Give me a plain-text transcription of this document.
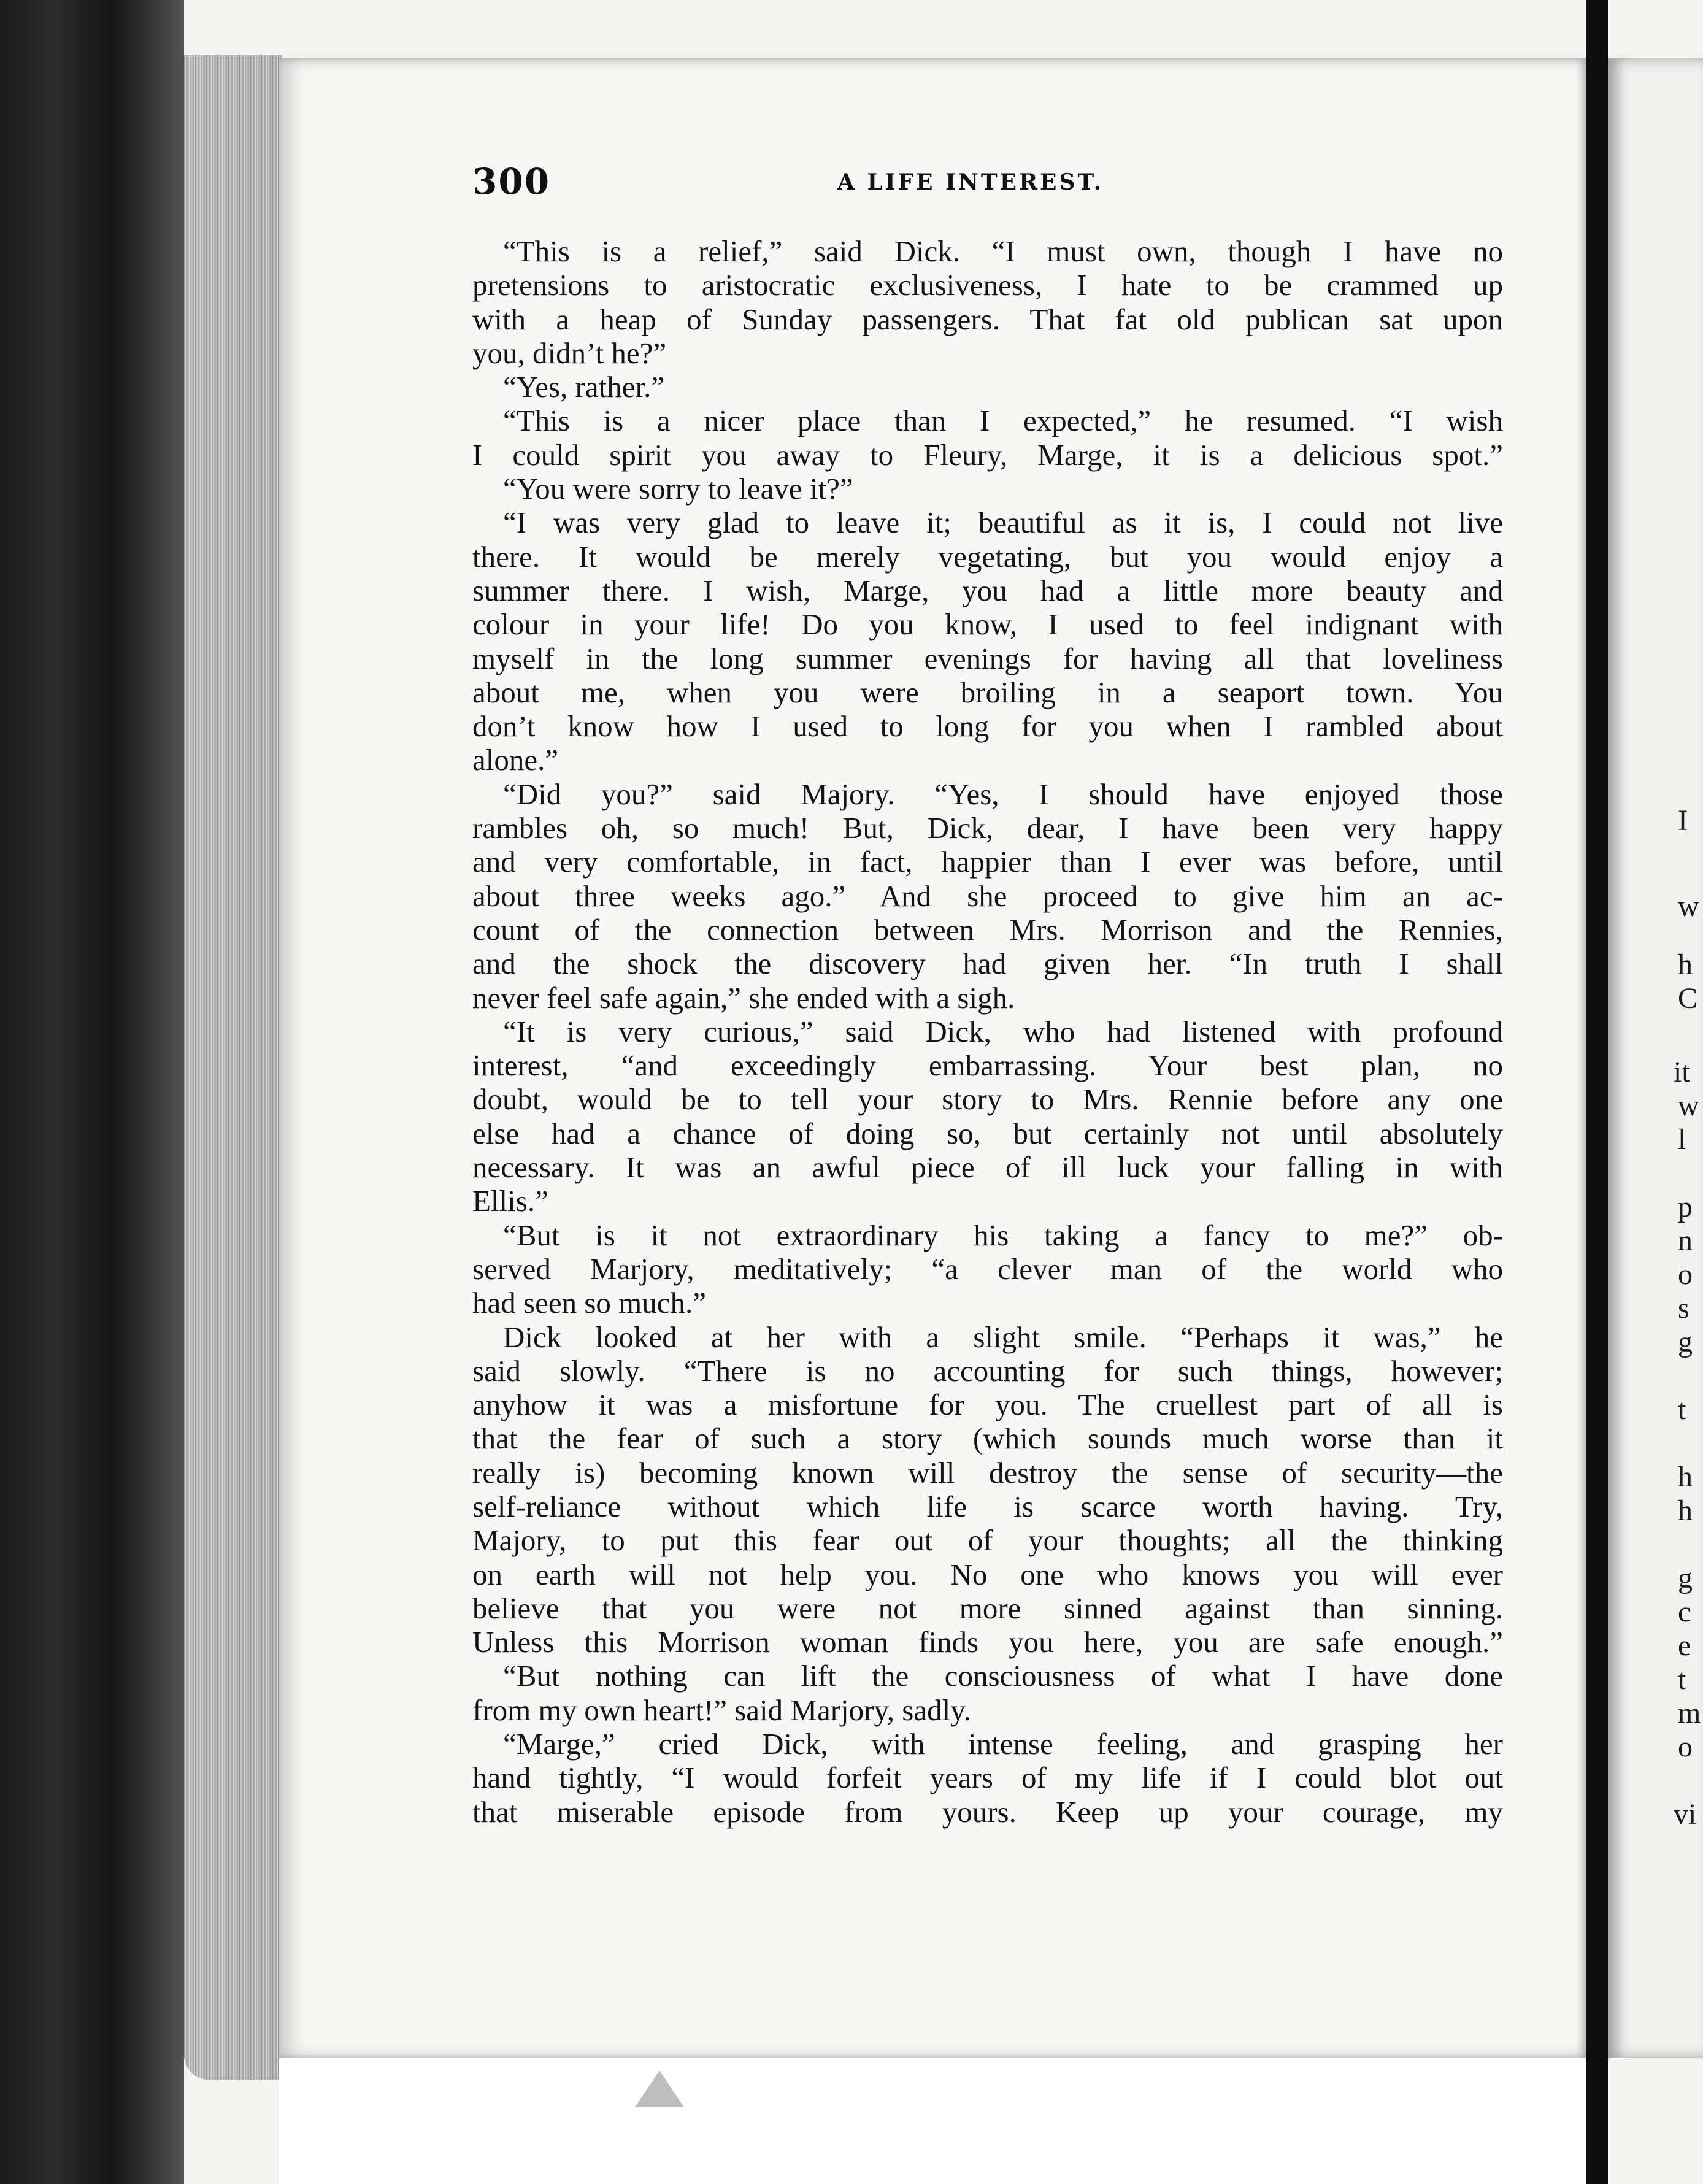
300	A LIFE INTEREST.
“This is a relief,” said Dick. “I must own, though I have no
pretensions to aristocratic exclusiveness, I hate to be crammed up
with a heap of Sunday passengers. That fat old publican sat upon
you, didn’t he?”
“Yes, rather.”
“This is a nicer place than I expected,” he resumed. “I wish
I could spirit you away to Fleury, Marge, it is a delicious spot.”
“You were sorry to leave it?”
“I was very glad to leave it; beautiful as it is, I could not live
there. It would be merely vegetating, but you would enjoy a
summer there. I wish, Marge, you had a little more beauty and
colour in your life! Do you know, I used to feel indignant with
myself in the long summer evenings for having all that loveliness
about me, when you were broiling in a seaport town. You
don’t know how I used to long for you when I rambled about
alone.”
“Did you?” said Majory. “Yes, I should have enjoyed those
rambles oh, so much! But, Dick, dear, I have been very happy
and very comfortable, in fact, happier than I ever was before, until
about three weeks ago.” And she proceed to give him an ac-
count of the connection between Mrs. Morrison and the Rennies,
and the shock the discovery had given her. “In truth I shall
never feel safe again,” she ended with a sigh.
“It is very curious,” said Dick, who had listened with profound
interest, “and exceedingly embarrassing. Your best plan, no
doubt, would be to tell your story to Mrs. Rennie before any one
else had a chance of doing so, but certainly not until absolutely
necessary. It was an awful piece of ill luck your falling in with
Ellis.”
“But is it not extraordinary his taking a fancy to me?” ob-
served Marjory, meditatively; “a clever man of the world who
had seen so much.”
Dick looked at her with a slight smile. “Perhaps it was,” he
said slowly. “There is no accounting for such things, however;
anyhow it was a misfortune for you. The cruellest part of all is
that the fear of such a story (which sounds much worse than it
really is) becoming known will destroy the sense of security—the
self-reliance without which life is scarce worth having. Try,
Majory, to put this fear out of your thoughts; all the thinking
on earth will not help you. No one who knows you will ever
believe that you were not more sinned against than sinning.
Unless this Morrison woman finds you here, you are safe enough.”
“But nothing can lift the consciousness of what I have done
from my own heart!” said Marjory, sadly.
“Marge,” cried Dick, with intense feeling, and grasping her
hand tightly, “I would forfeit years of my life if I could blot out
that miserable episode from yours. Keep up your courage, my
I
w
h
C
it
w
l
p
n
o
s
g
t
h
h
g
c
e
t
m
o
vi
